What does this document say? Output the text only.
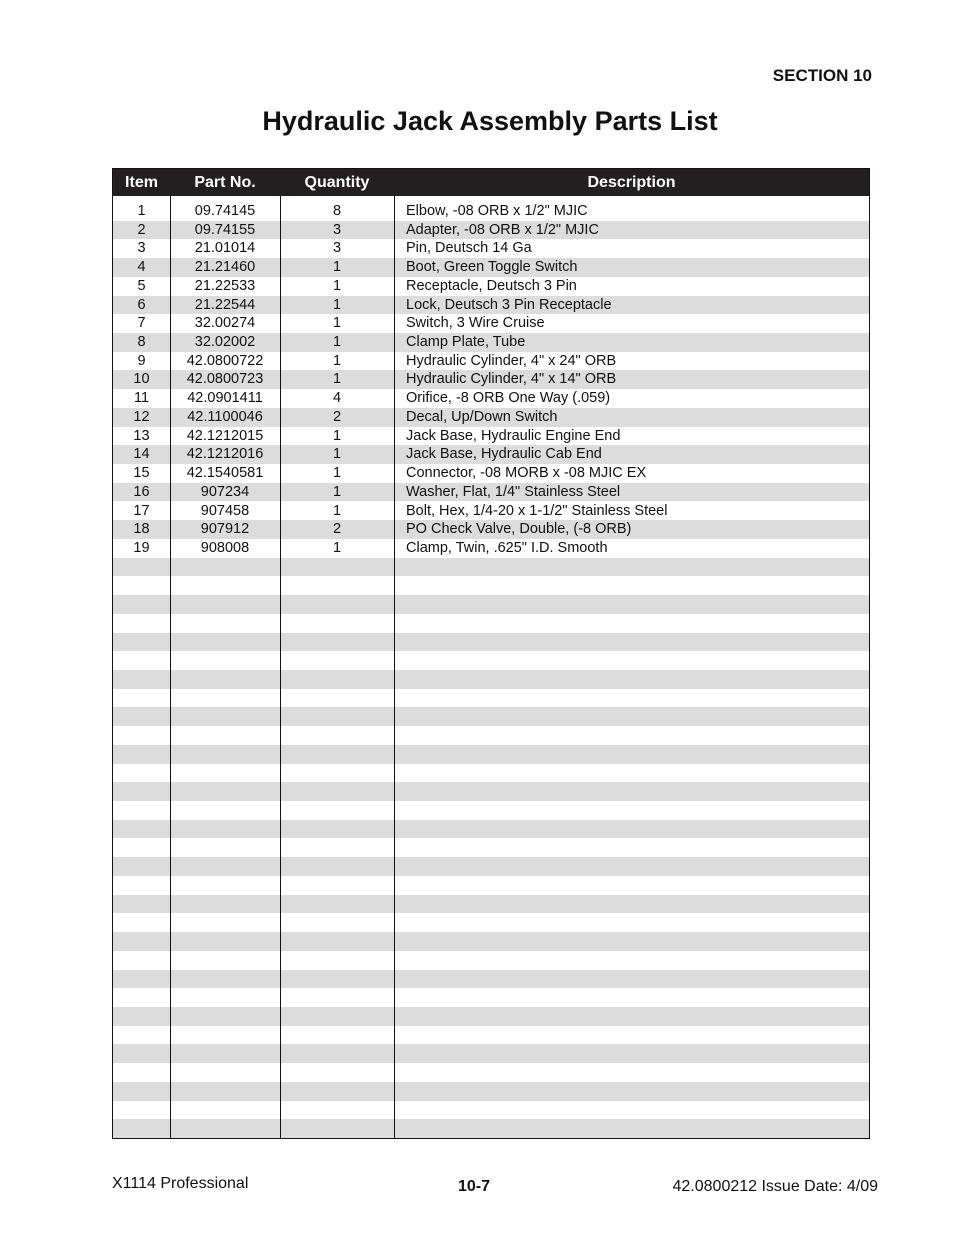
SECTION 10
Hydraulic Jack Assembly Parts List
Item	Part No.	Quantity	Description
1	09.74145	8	Elbow, -08 ORB x 1/2" MJIC
2	09.74155	3	Adapter, -08 ORB x 1/2" MJIC
3	21.01014	3	Pin, Deutsch 14 Ga
4	21.21460	1	Boot, Green Toggle Switch
5	21.22533	1	Receptacle, Deutsch 3 Pin
6	21.22544	1	Lock, Deutsch 3 Pin Receptacle
7	32.00274	1	Switch, 3 Wire Cruise
8	32.02002	1	Clamp Plate, Tube
9	42.0800722	1	Hydraulic Cylinder, 4" x 24" ORB
10	42.0800723	1	Hydraulic Cylinder, 4" x 14" ORB
11	42.0901411	4	Orifice, -8 ORB One Way (.059)
12	42.1100046	2	Decal, Up/Down Switch
13	42.1212015	1	Jack Base, Hydraulic Engine End
14	42.1212016	1	Jack Base, Hydraulic Cab End
15	42.1540581	1	Connector, -08 MORB x -08 MJIC EX
16	907234	1	Washer, Flat, 1/4" Stainless Steel
17	907458	1	Bolt, Hex, 1/4-20 x 1-1/2" Stainless Steel
18	907912	2	PO Check Valve, Double, (-8 ORB)
19	908008	1	Clamp, Twin, .625" I.D. Smooth
X1114 Professional	10-7	42.0800212 Issue Date: 4/09
